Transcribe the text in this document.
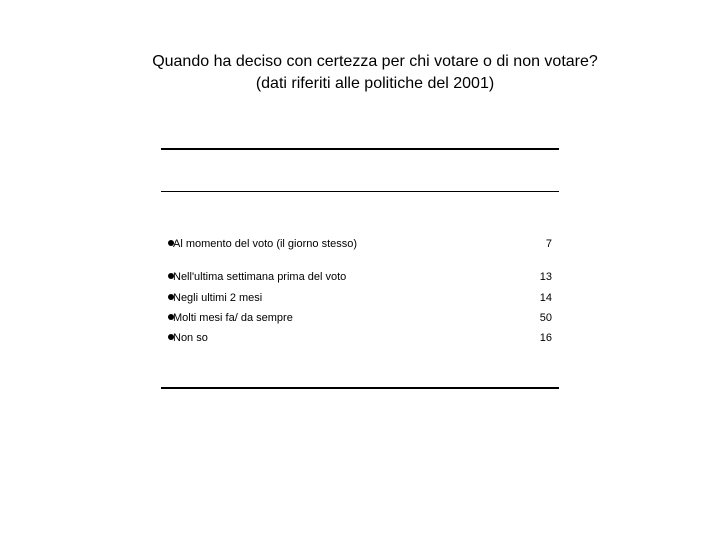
Quando ha deciso con certezza per chi votare o di non votare?
(dati riferiti alle politiche del 2001)
Al momento del voto (il giorno stesso)	7
Nell'ultima settimana prima del voto	13
Negli ultimi 2 mesi	14
Molti mesi fa/ da sempre	50
Non so	16
